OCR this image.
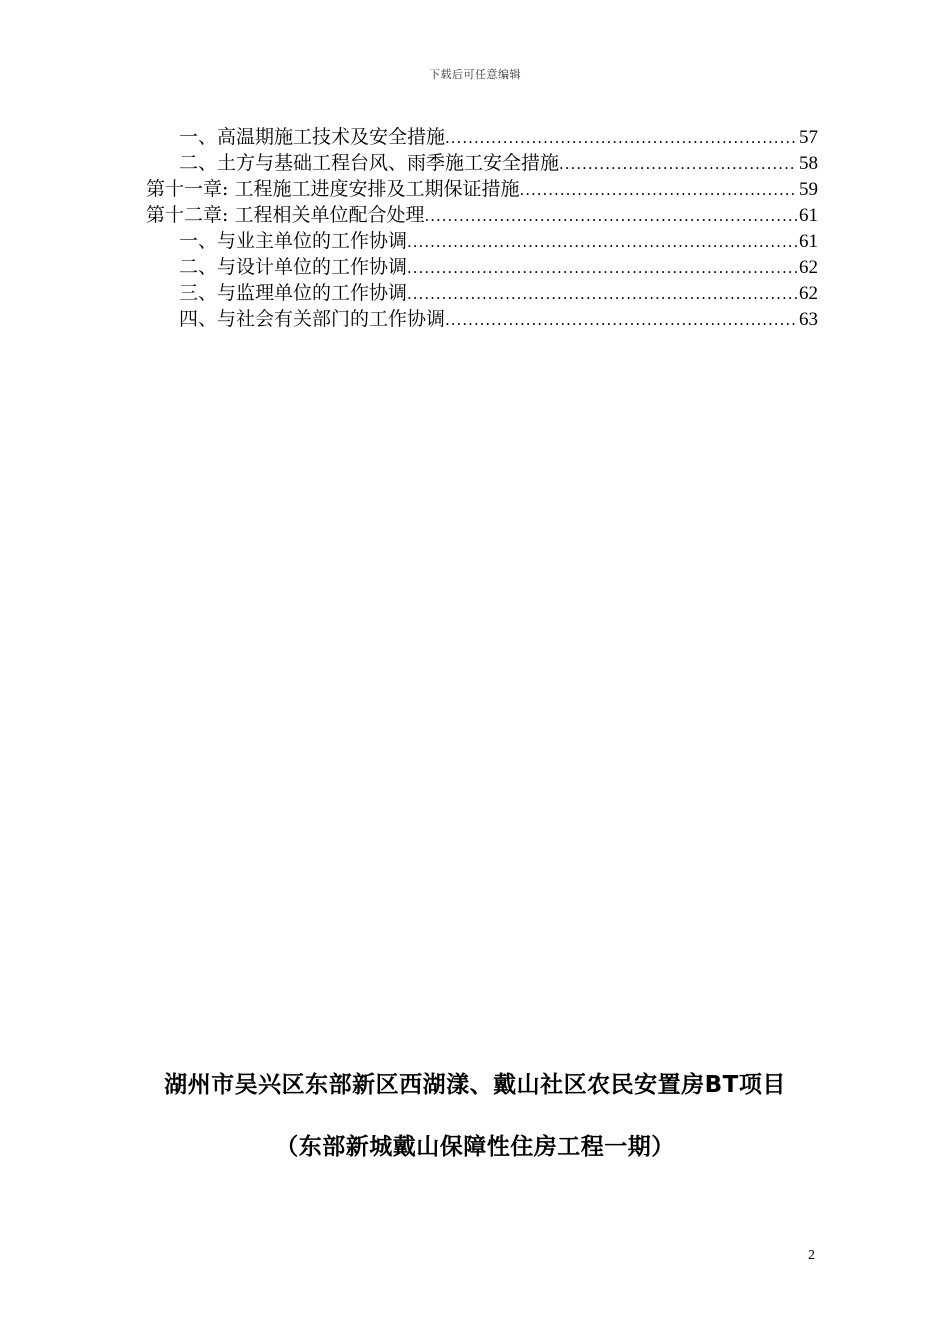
下载后可任意编辑
一、高温期施工技术及安全措施 .....	57
二、土方与基础工程台风、雨季施工安全措施 .....	58
第十一章: 工程施工进度安排及工期保证措施 .....	59
第十二章: 工程相关单位配合处理 .....	61
一、与业主单位的工作协调 .....	61
二、与设计单位的工作协调 .....	62
三、与监理单位的工作协调 .....	62
四、与社会有关部门的工作协调 .....	63
湖州市吴兴区东部新区西湖漾、戴山社区农民安置房BT项目
（东部新城戴山保障性住房工程一期）
2
